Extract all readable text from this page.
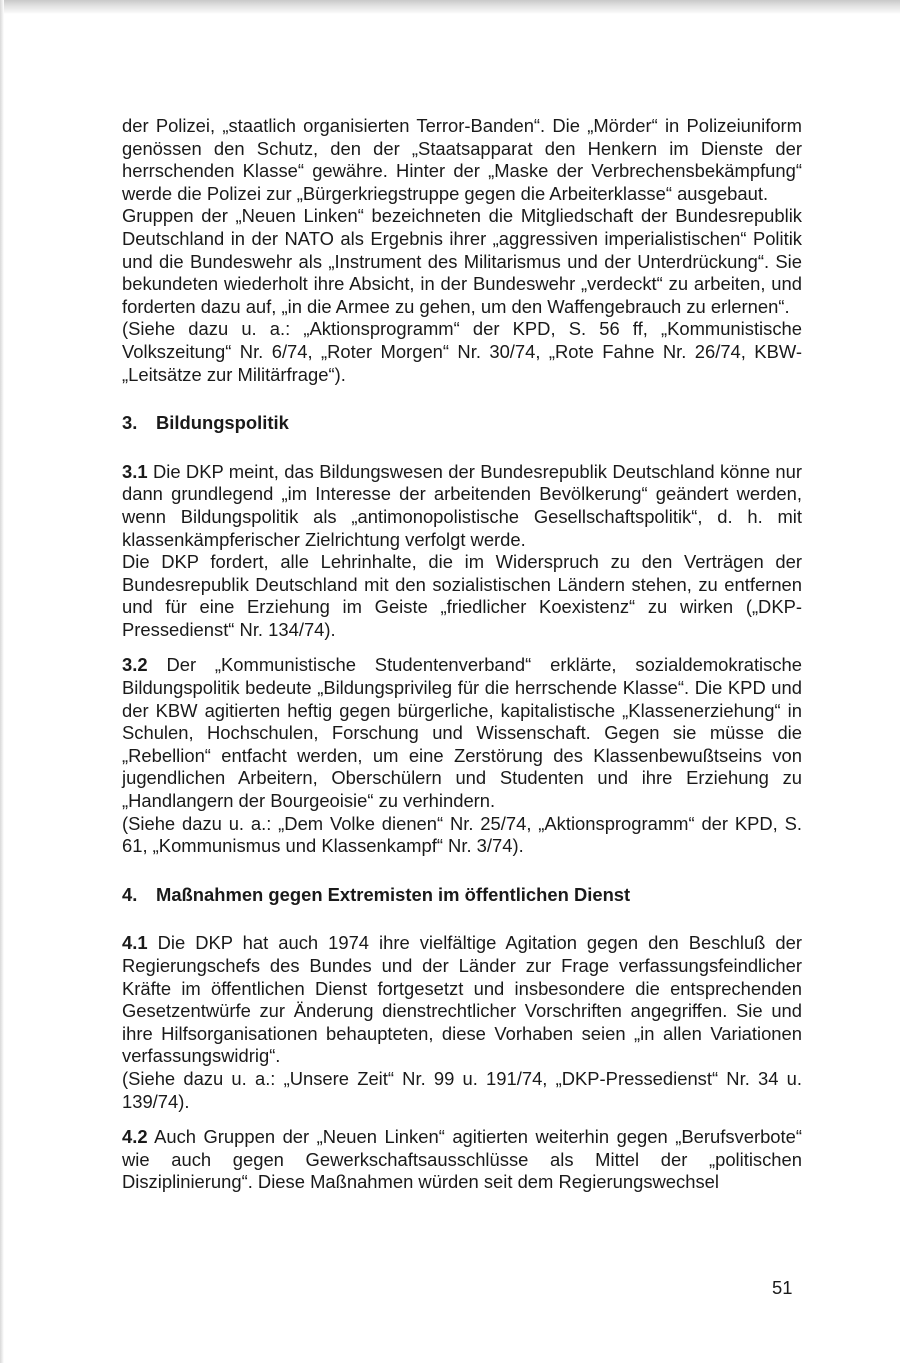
der Polizei, „staatlich organisierten Terror-Banden“. Die „Mörder“ in Polizeiuniform genössen den Schutz, den der „Staatsapparat den Henkern im Dienste der herrschenden Klasse“ gewähre. Hinter der „Maske der Verbrechensbekämpfung“ werde die Polizei zur „Bürgerkriegstruppe gegen die Arbeiterklasse“ ausgebaut.

Gruppen der „Neuen Linken“ bezeichneten die Mitgliedschaft der Bundesrepublik Deutschland in der NATO als Ergebnis ihrer „aggressiven imperialistischen“ Politik und die Bundeswehr als „Instrument des Militarismus und der Unterdrückung“. Sie bekundeten wiederholt ihre Absicht, in der Bundeswehr „verdeckt“ zu arbeiten, und forderten dazu auf, „in die Armee zu gehen, um den Waffengebrauch zu erlernen“.

(Siehe dazu u. a.: „Aktionsprogramm“ der KPD, S. 56 ff, „Kommunistische Volkszeitung“ Nr. 6/74, „Roter Morgen“ Nr. 30/74, „Rote Fahne Nr. 26/74, KBW-„Leitsätze zur Militärfrage“).

3. Bildungspolitik

3.1 Die DKP meint, das Bildungswesen der Bundesrepublik Deutschland könne nur dann grundlegend „im Interesse der arbeitenden Bevölkerung“ geändert werden, wenn Bildungspolitik als „antimonopolistische Gesellschaftspolitik“, d. h. mit klassenkämpferischer Zielrichtung verfolgt werde.

Die DKP fordert, alle Lehrinhalte, die im Widerspruch zu den Verträgen der Bundesrepublik Deutschland mit den sozialistischen Ländern stehen, zu entfernen und für eine Erziehung im Geiste „friedlicher Koexistenz“ zu wirken („DKP-Pressedienst“ Nr. 134/74).

3.2 Der „Kommunistische Studentenverband“ erklärte, sozialdemokratische Bildungspolitik bedeute „Bildungsprivileg für die herrschende Klasse“. Die KPD und der KBW agitierten heftig gegen bürgerliche, kapitalistische „Klassenerziehung“ in Schulen, Hochschulen, Forschung und Wissenschaft. Gegen sie müsse die „Rebellion“ entfacht werden, um eine Zerstörung des Klassenbewußtseins von jugendlichen Arbeitern, Oberschülern und Studenten und ihre Erziehung zu „Handlangern der Bourgeoisie“ zu verhindern.

(Siehe dazu u. a.: „Dem Volke dienen“ Nr. 25/74, „Aktionsprogramm“ der KPD, S. 61, „Kommunismus und Klassenkampf“ Nr. 3/74).

4. Maßnahmen gegen Extremisten im öffentlichen Dienst

4.1 Die DKP hat auch 1974 ihre vielfältige Agitation gegen den Beschluß der Regierungschefs des Bundes und der Länder zur Frage verfassungsfeindlicher Kräfte im öffentlichen Dienst fortgesetzt und insbesondere die entsprechenden Gesetzentwürfe zur Änderung dienstrechtlicher Vorschriften angegriffen. Sie und ihre Hilfsorganisationen behaupteten, diese Vorhaben seien „in allen Variationen verfassungswidrig“.

(Siehe dazu u. a.: „Unsere Zeit“ Nr. 99 u. 191/74, „DKP-Pressedienst“ Nr. 34 u. 139/74).

4.2 Auch Gruppen der „Neuen Linken“ agitierten weiterhin gegen „Berufsverbote“ wie auch gegen Gewerkschaftsausschlüsse als Mittel der „politischen Disziplinierung“. Diese Maßnahmen würden seit dem Regierungswechsel

51
